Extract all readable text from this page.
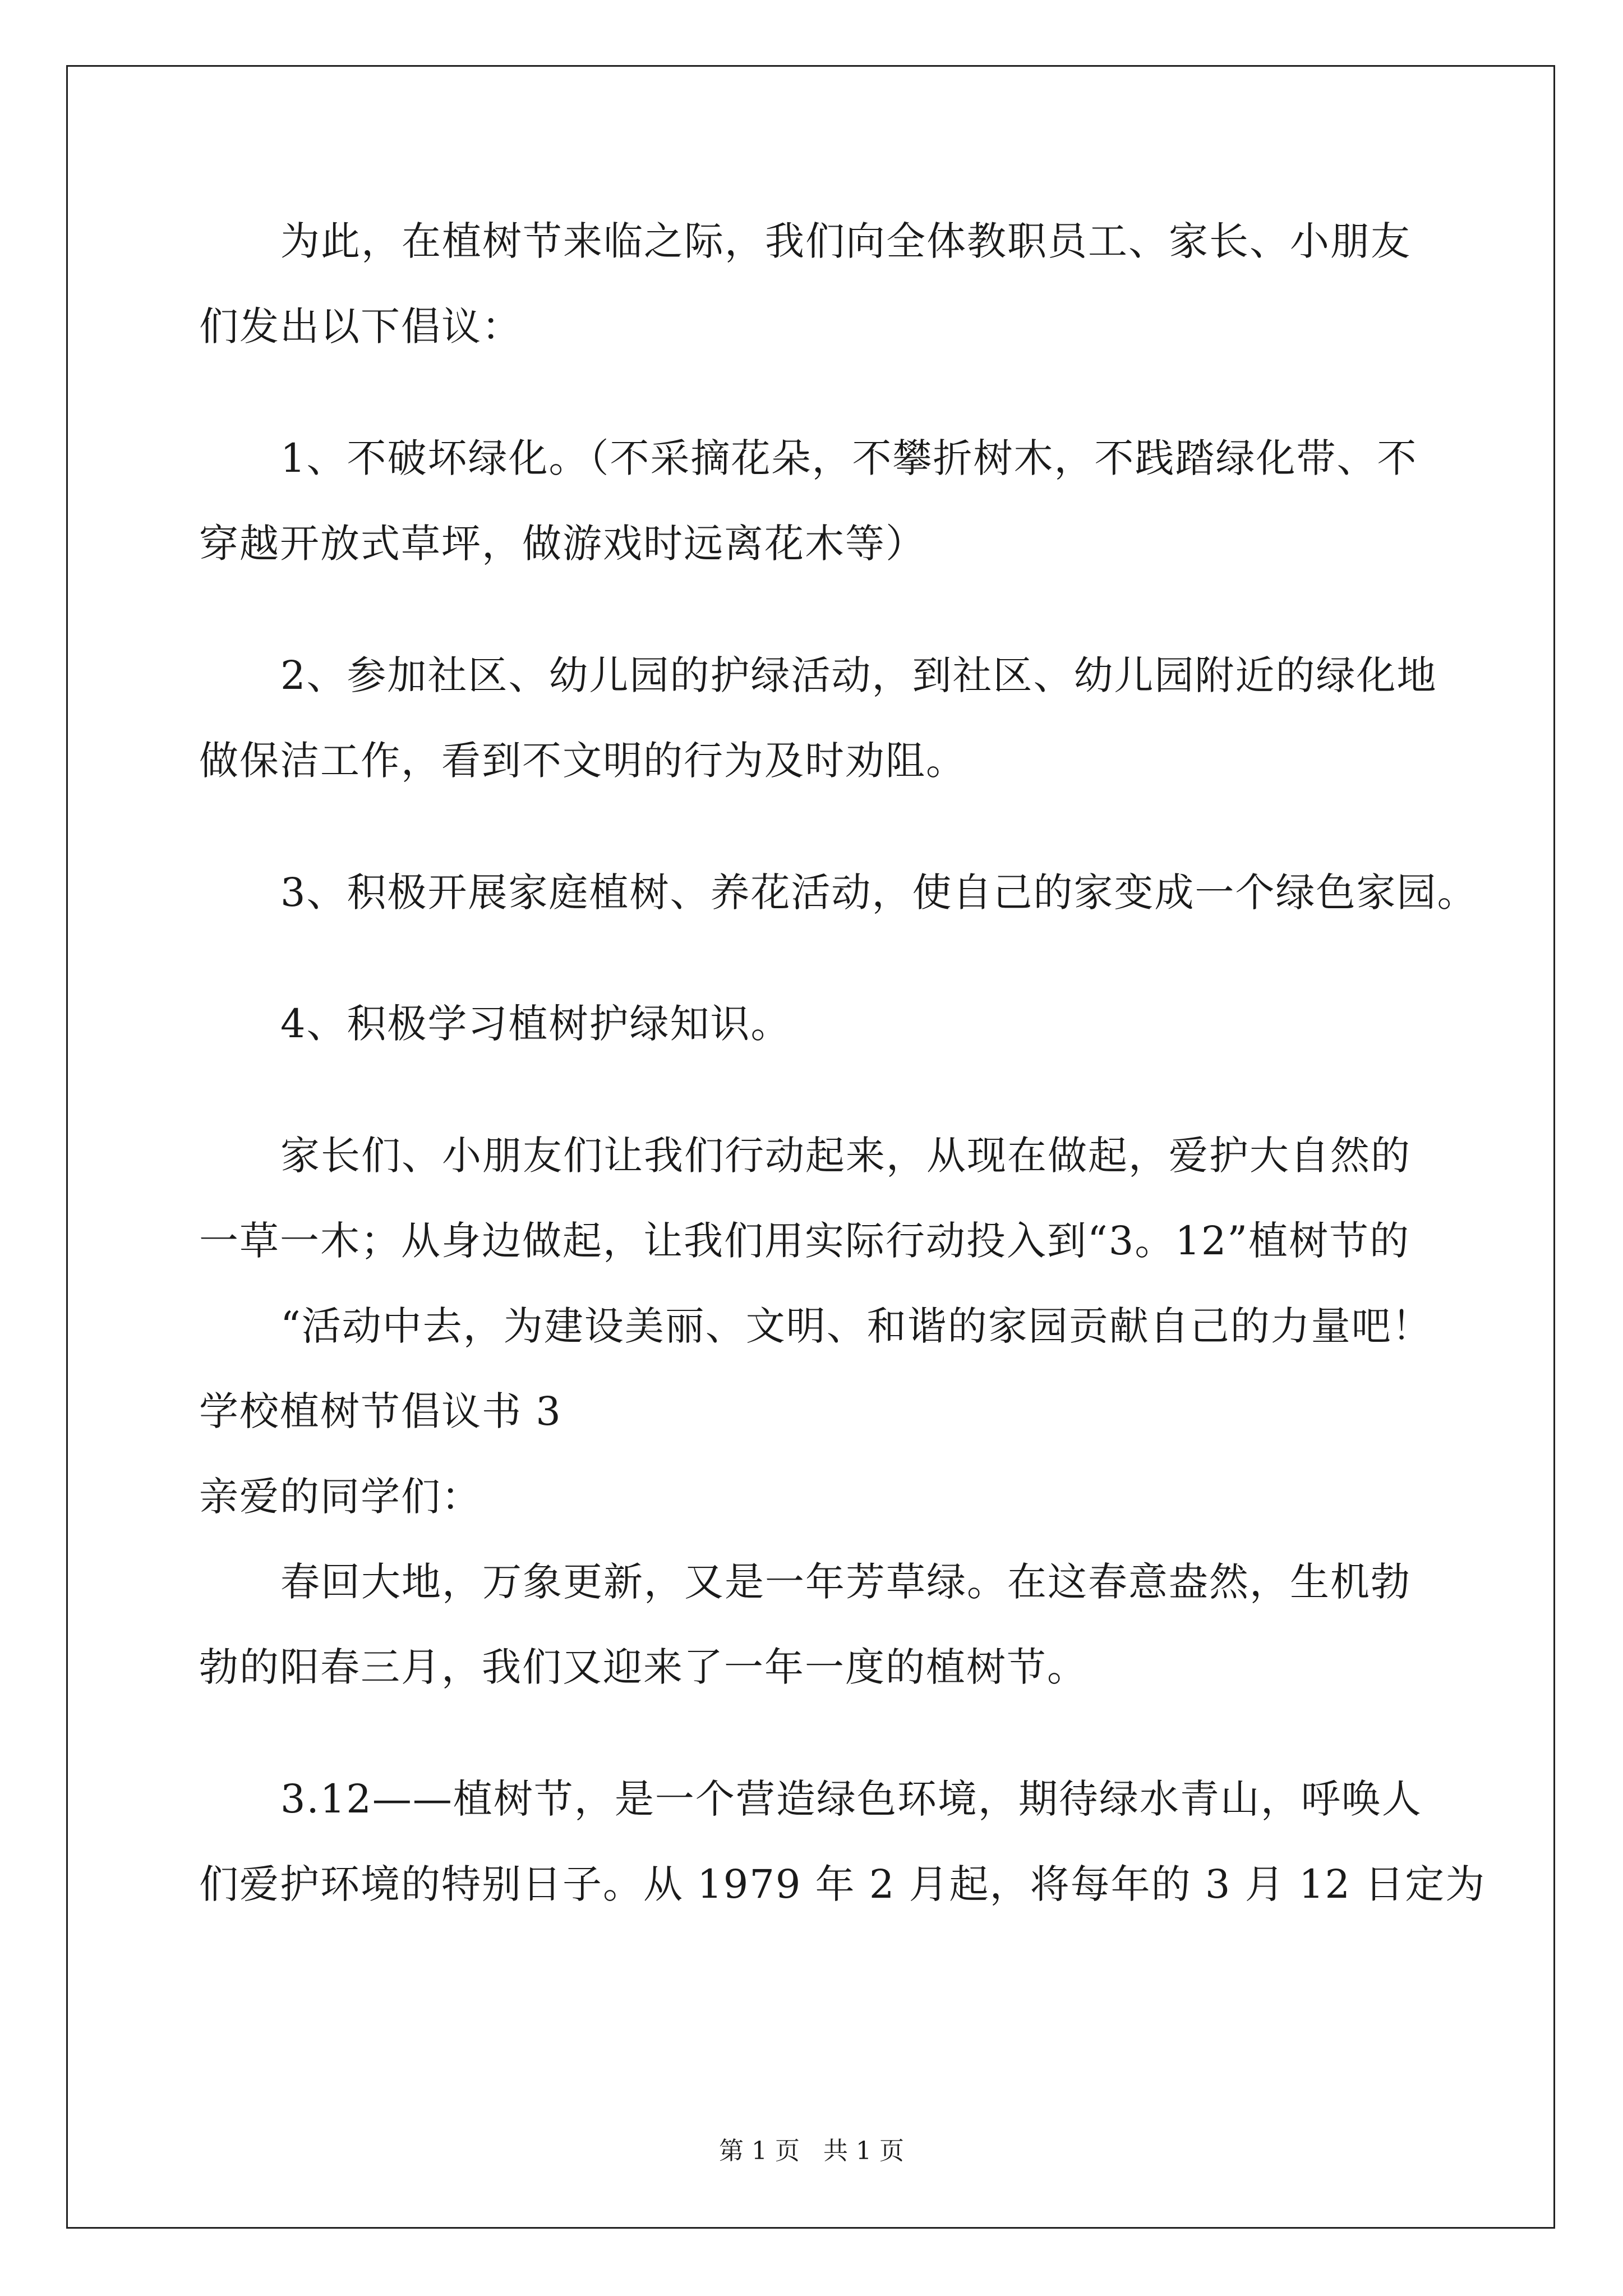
为此，在植树节来临之际，我们向全体教职员工、家长、小朋友
们发出以下倡议：
1、不破坏绿化。（不采摘花朵，不攀折树木，不践踏绿化带、不
穿越开放式草坪，做游戏时远离花木等）
2、参加社区、幼儿园的护绿活动，到社区、幼儿园附近的绿化地
做保洁工作，看到不文明的行为及时劝阻。
3、积极开展家庭植树、养花活动，使自己的家变成一个绿色家园。
4、积极学习植树护绿知识。
家长们、小朋友们让我们行动起来，从现在做起，爱护大自然的
一草一木；从身边做起，让我们用实际行动投入到“3。12”植树节的
“活动中去，为建设美丽、文明、和谐的家园贡献自己的力量吧！
学校植树节倡议书 3
亲爱的同学们：
春回大地，万象更新，又是一年芳草绿。在这春意盎然，生机勃
勃的阳春三月，我们又迎来了一年一度的植树节。
3.12——植树节，是一个营造绿色环境，期待绿水青山，呼唤人
们爱护环境的特别日子。从 1979 年 2 月起，将每年的 3 月 12 日定为
第 1 页   共 1 页
